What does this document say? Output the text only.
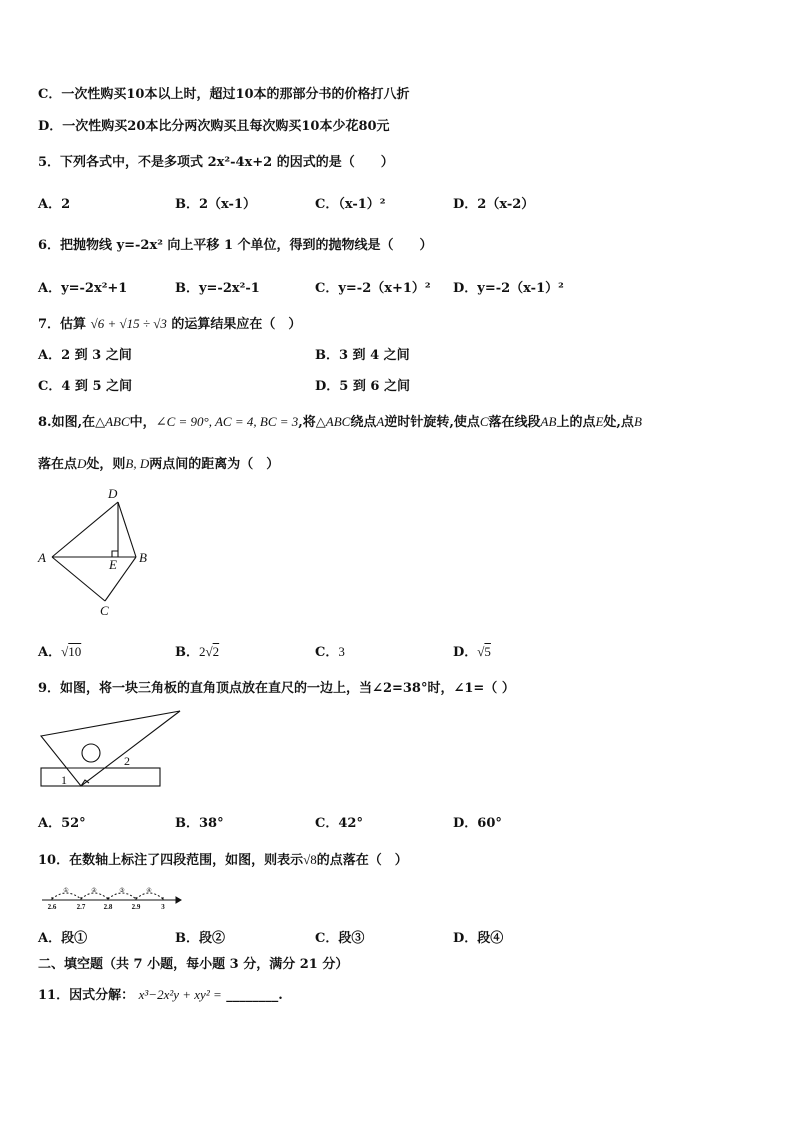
C．一次性购买10本以上时，超过10本的那部分书的价格打八折
D．一次性购买20本比分两次购买且每次购买10本少花80元
5．下列各式中，不是多项式 2x²-4x+2 的因式的是（　　）
A．2	B．2（x-1）	C．（x-1）²	D．2（x-2）
6．把抛物线 y=-2x² 向上平移 1 个单位，得到的抛物线是（　　）
A．y=-2x²+1	B．y=-2x²-1	C．y=-2（x+1）² D．y=-2（x-1）²
7．估算 √6 + √15 ÷ √3 的运算结果应在（　）
A．2 到 3 之间	B．3 到 4 之间
C．4 到 5 之间	D．5 到 6 之间
8.如图,在△ABC中，∠C = 90°, AC = 4, BC = 3,将△ABC绕点A逆时针旋转,使点C落在线段AB上的点E处,点B
落在点D处，则B, D两点间的距离为（　）
A	B
C
D
E
A．√10	B．2√2	C．3	D．√5
9．如图，将一块三角板的直角顶点放在直尺的一边上，当∠2=38°时，∠1=（ ）
1
2
A．52°	B．38°	C．42°	D．60°
10．在数轴上标注了四段范围，如图，则表示√8的点落在（　）
①	②	③	④
2.6	2.7	2.8	2.9	3
A．段①	B．段②	C．段③	D．段④
二、填空题（共 7 小题，每小题 3 分，满分 21 分）
11．因式分解： x³−2x²y + xy² = ________.
